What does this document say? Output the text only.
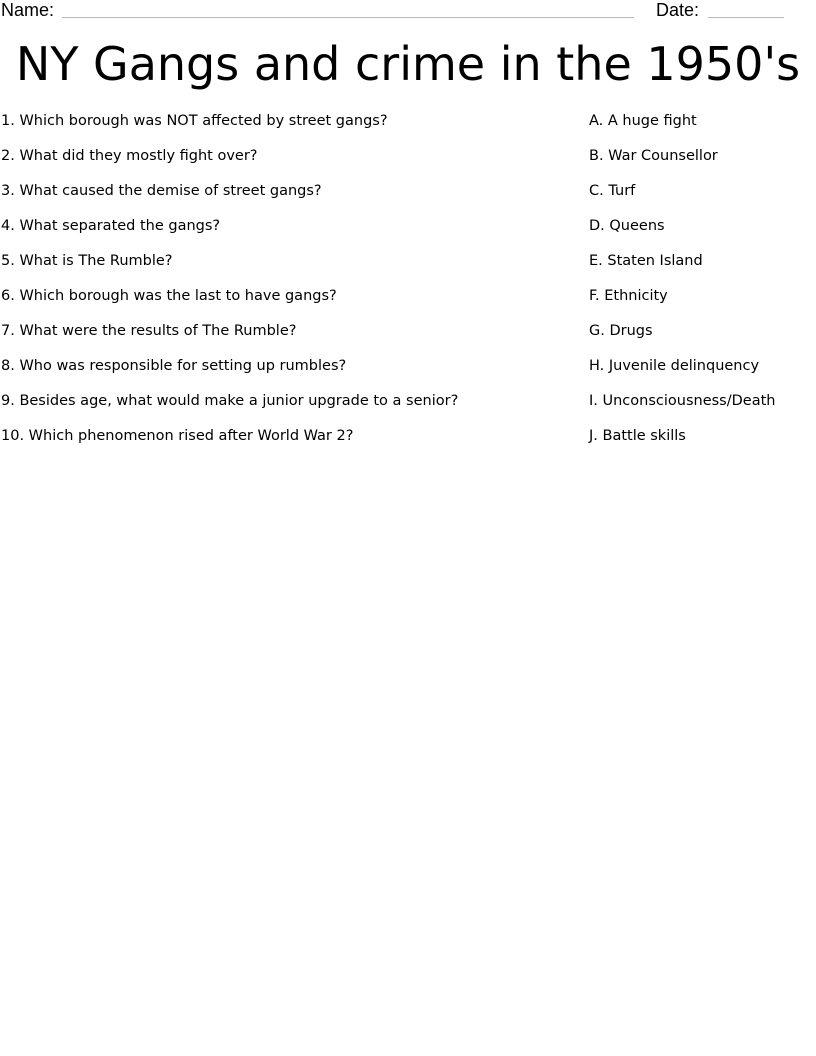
Name:	Date:
NY Gangs and crime in the 1950's
1. Which borough was NOT affected by street gangs?
2. What did they mostly fight over?
3. What caused the demise of street gangs?
4. What separated the gangs?
5. What is The Rumble?
6. Which borough was the last to have gangs?
7. What were the results of The Rumble?
8. Who was responsible for setting up rumbles?
9. Besides age, what would make a junior upgrade to a senior?
10. Which phenomenon rised after World War 2?
A. A huge fight
B. War Counsellor
C. Turf
D. Queens
E. Staten Island
F. Ethnicity
G. Drugs
H. Juvenile delinquency
I. Unconsciousness/Death
J. Battle skills
